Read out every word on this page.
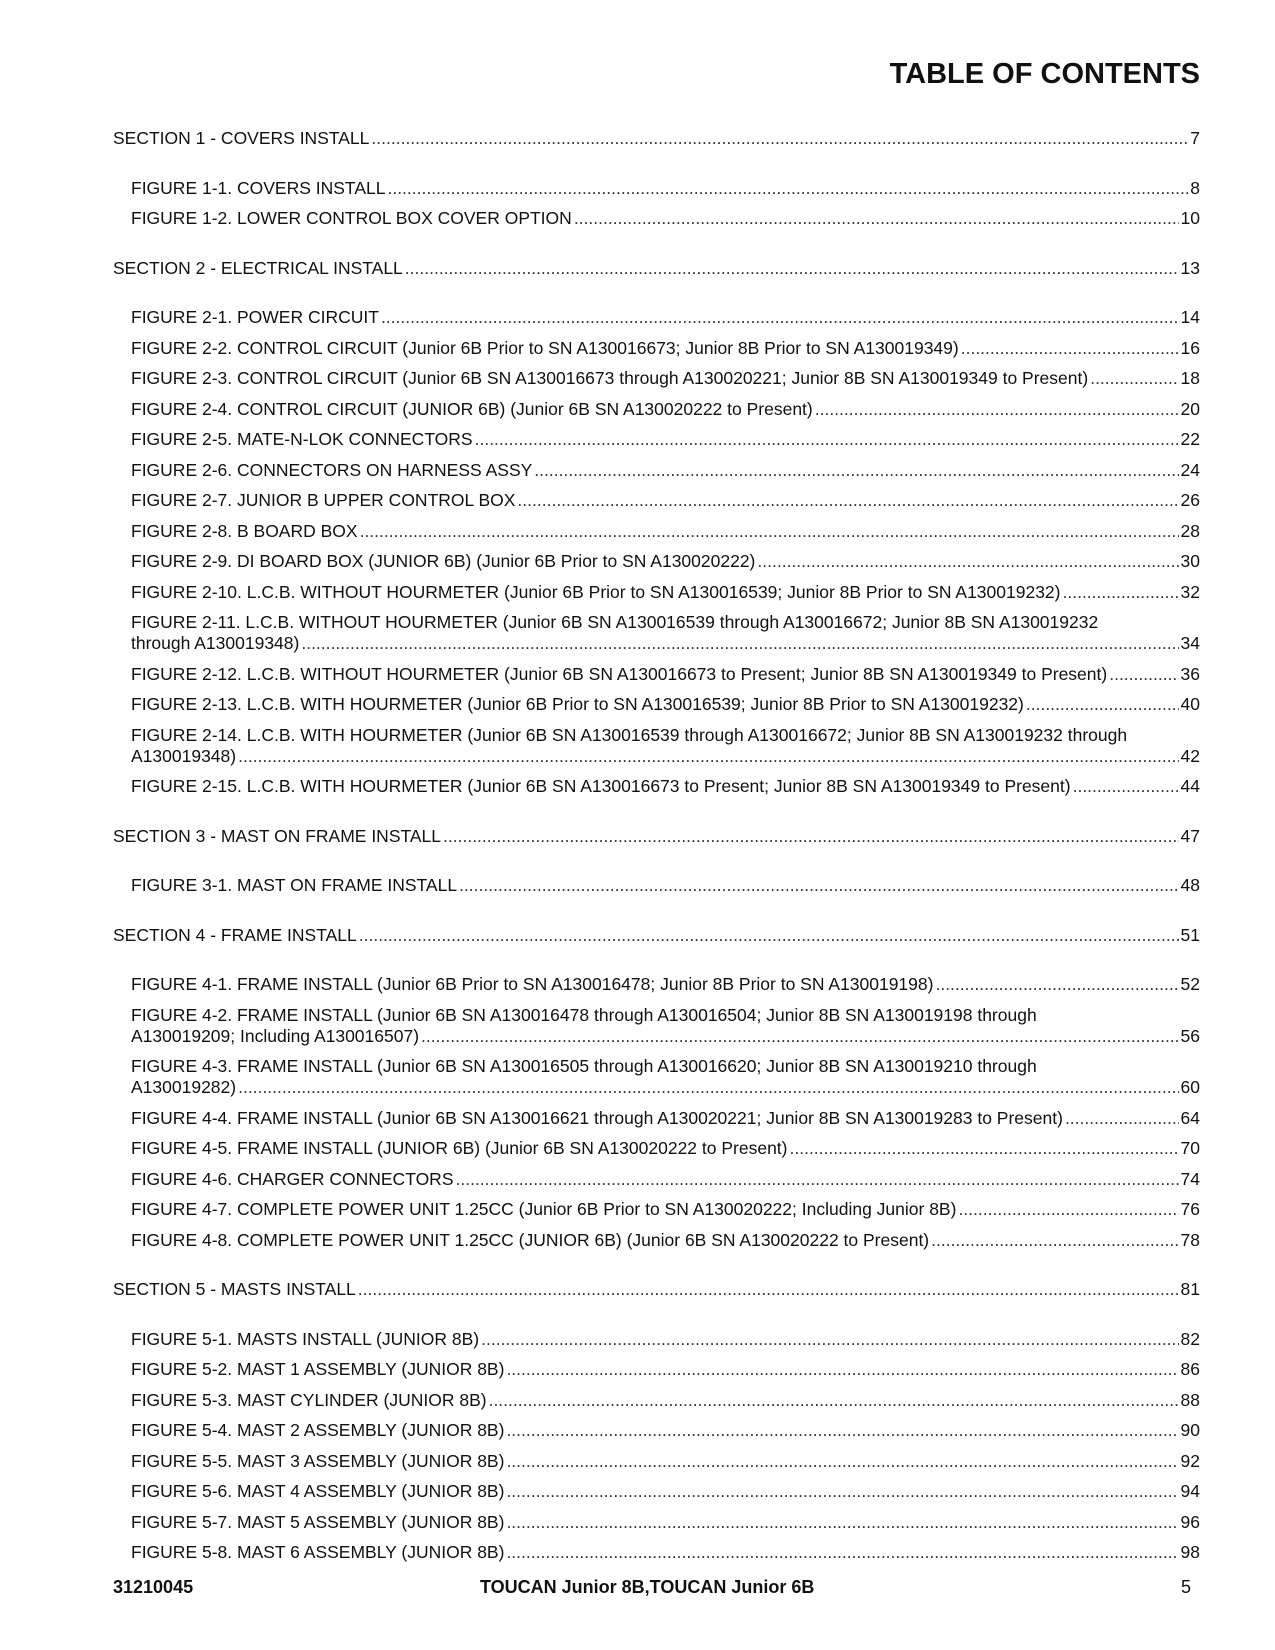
TABLE OF CONTENTS
SECTION 1 - COVERS INSTALL .....	7
FIGURE 1-1. COVERS INSTALL .....	8
FIGURE 1-2. LOWER CONTROL BOX COVER OPTION .....	10
SECTION 2 - ELECTRICAL INSTALL .....	13
FIGURE 2-1. POWER CIRCUIT .....	14
FIGURE 2-2. CONTROL CIRCUIT (Junior 6B Prior to SN A130016673; Junior 8B Prior to SN A130019349) .....	16
FIGURE 2-3. CONTROL CIRCUIT (Junior 6B SN A130016673 through A130020221; Junior 8B SN A130019349 to Present) .....	18
FIGURE 2-4. CONTROL CIRCUIT (JUNIOR 6B) (Junior 6B SN A130020222 to Present) .....	20
FIGURE 2-5. MATE-N-LOK CONNECTORS .....	22
FIGURE 2-6. CONNECTORS ON HARNESS ASSY .....	24
FIGURE 2-7. JUNIOR B UPPER CONTROL BOX .....	26
FIGURE 2-8. B BOARD BOX .....	28
FIGURE 2-9. DI BOARD BOX (JUNIOR 6B) (Junior 6B Prior to SN A130020222) .....	30
FIGURE 2-10. L.C.B. WITHOUT HOURMETER (Junior 6B Prior to SN A130016539; Junior 8B Prior to SN A130019232) .....	32
FIGURE 2-11. L.C.B. WITHOUT HOURMETER (Junior 6B SN A130016539 through A130016672; Junior 8B SN A130019232
through A130019348) .....	34
FIGURE 2-12. L.C.B. WITHOUT HOURMETER (Junior 6B SN A130016673 to Present; Junior 8B SN A130019349 to Present) .....	36
FIGURE 2-13. L.C.B. WITH HOURMETER (Junior 6B Prior to SN A130016539; Junior 8B Prior to SN A130019232) .....	40
FIGURE 2-14. L.C.B. WITH HOURMETER (Junior 6B SN A130016539 through A130016672; Junior 8B SN A130019232 through
A130019348) .....	42
FIGURE 2-15. L.C.B. WITH HOURMETER (Junior 6B SN A130016673 to Present; Junior 8B SN A130019349 to Present) .....	44
SECTION 3 - MAST ON FRAME INSTALL .....	47
FIGURE 3-1. MAST ON FRAME INSTALL .....	48
SECTION 4 - FRAME INSTALL .....	51
FIGURE 4-1. FRAME INSTALL (Junior 6B Prior to SN A130016478; Junior 8B Prior to SN A130019198) .....	52
FIGURE 4-2. FRAME INSTALL (Junior 6B SN A130016478 through A130016504; Junior 8B SN A130019198 through
A130019209; Including A130016507) .....	56
FIGURE 4-3. FRAME INSTALL (Junior 6B SN A130016505 through A130016620; Junior 8B SN A130019210 through
A130019282) .....	60
FIGURE 4-4. FRAME INSTALL (Junior 6B SN A130016621 through A130020221; Junior 8B SN A130019283 to Present) .....	64
FIGURE 4-5. FRAME INSTALL (JUNIOR 6B) (Junior 6B SN A130020222 to Present) .....	70
FIGURE 4-6. CHARGER CONNECTORS .....	74
FIGURE 4-7. COMPLETE POWER UNIT 1.25CC (Junior 6B Prior to SN A130020222; Including Junior 8B) .....	76
FIGURE 4-8. COMPLETE POWER UNIT 1.25CC (JUNIOR 6B) (Junior 6B SN A130020222 to Present) .....	78
SECTION 5 - MASTS INSTALL .....	81
FIGURE 5-1. MASTS INSTALL (JUNIOR 8B) .....	82
FIGURE 5-2. MAST 1 ASSEMBLY (JUNIOR 8B) .....	86
FIGURE 5-3. MAST CYLINDER (JUNIOR 8B) .....	88
FIGURE 5-4. MAST 2 ASSEMBLY (JUNIOR 8B) .....	90
FIGURE 5-5. MAST 3 ASSEMBLY (JUNIOR 8B) .....	92
FIGURE 5-6. MAST 4 ASSEMBLY (JUNIOR 8B) .....	94
FIGURE 5-7. MAST 5 ASSEMBLY (JUNIOR 8B) .....	96
FIGURE 5-8. MAST 6 ASSEMBLY (JUNIOR 8B) .....	98
31210045	TOUCAN Junior 8B,TOUCAN Junior 6B	5
